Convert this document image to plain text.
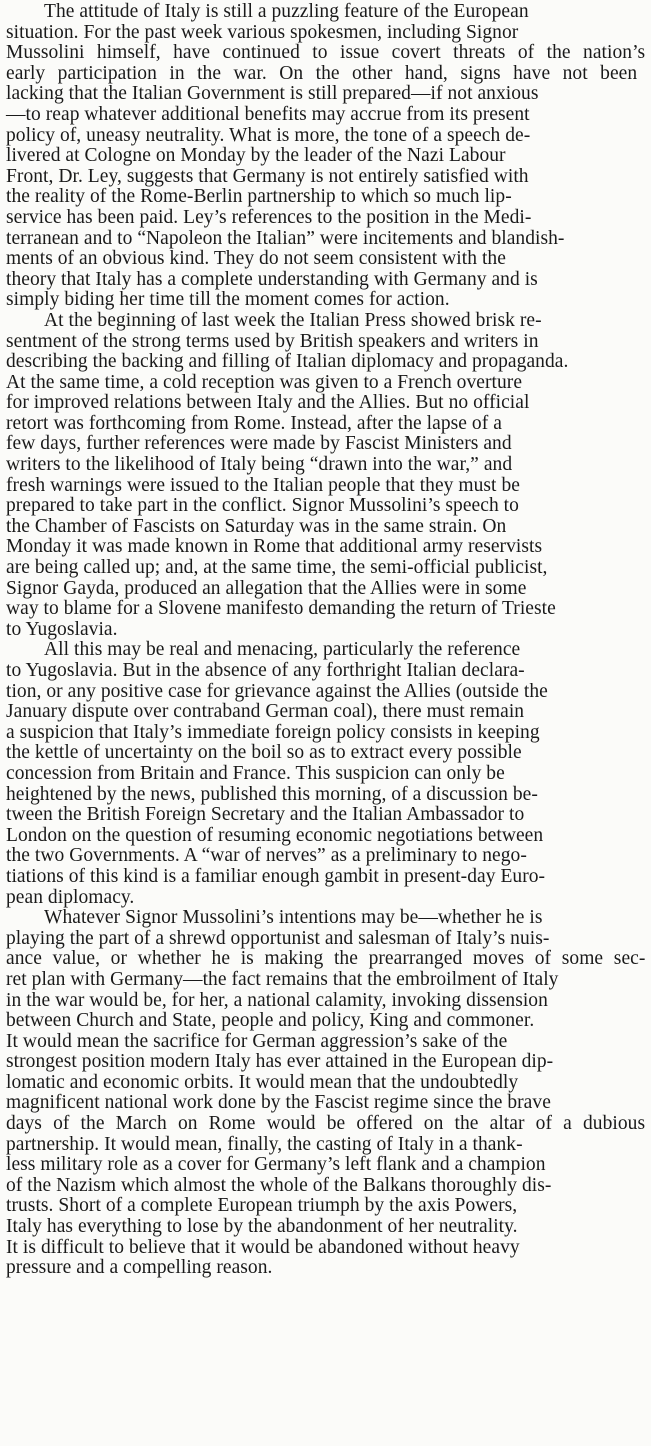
The attitude of Italy is still a puzzling feature of the European
situation. For the past week various spokesmen, including Signor
Mussolini himself, have continued to issue covert threats of the nation’s
early participation in the war. On the other hand, signs have not been
lacking that the Italian Government is still prepared—if not anxious
—to reap whatever additional benefits may accrue from its present
policy of, uneasy neutrality. What is more, the tone of a speech de-
livered at Cologne on Monday by the leader of the Nazi Labour
Front, Dr. Ley, suggests that Germany is not entirely satisfied with
the reality of the Rome-Berlin partnership to which so much lip-
service has been paid. Ley’s references to the position in the Medi-
terranean and to “Napoleon the Italian” were incitements and blandish-
ments of an obvious kind. They do not seem consistent with the
theory that Italy has a complete understanding with Germany and is
simply biding her time till the moment comes for action.
At the beginning of last week the Italian Press showed brisk re-
sentment of the strong terms used by British speakers and writers in
describing the backing and filling of Italian diplomacy and propaganda.
At the same time, a cold reception was given to a French overture
for improved relations between Italy and the Allies. But no official
retort was forthcoming from Rome. Instead, after the lapse of a
few days, further references were made by Fascist Ministers and
writers to the likelihood of Italy being “drawn into the war,” and
fresh warnings were issued to the Italian people that they must be
prepared to take part in the conflict. Signor Mussolini’s speech to
the Chamber of Fascists on Saturday was in the same strain. On
Monday it was made known in Rome that additional army reservists
are being called up; and, at the same time, the semi-official publicist,
Signor Gayda, produced an allegation that the Allies were in some
way to blame for a Slovene manifesto demanding the return of Trieste
to Yugoslavia.
All this may be real and menacing, particularly the reference
to Yugoslavia. But in the absence of any forthright Italian declara-
tion, or any positive case for grievance against the Allies (outside the
January dispute over contraband German coal), there must remain
a suspicion that Italy’s immediate foreign policy consists in keeping
the kettle of uncertainty on the boil so as to extract every possible
concession from Britain and France. This suspicion can only be
heightened by the news, published this morning, of a discussion be-
tween the British Foreign Secretary and the Italian Ambassador to
London on the question of resuming economic negotiations between
the two Governments. A “war of nerves” as a preliminary to nego-
tiations of this kind is a familiar enough gambit in present-day Euro-
pean diplomacy.
Whatever Signor Mussolini’s intentions may be—whether he is
playing the part of a shrewd opportunist and salesman of Italy’s nuis-
ance value, or whether he is making the prearranged moves of some sec-
ret plan with Germany—the fact remains that the embroilment of Italy
in the war would be, for her, a national calamity, invoking dissension
between Church and State, people and policy, King and commoner.
It would mean the sacrifice for German aggression’s sake of the
strongest position modern Italy has ever attained in the European dip-
lomatic and economic orbits. It would mean that the undoubtedly
magnificent national work done by the Fascist regime since the brave
days of the March on Rome would be offered on the altar of a dubious
partnership. It would mean, finally, the casting of Italy in a thank-
less military role as a cover for Germany’s left flank and a champion
of the Nazism which almost the whole of the Balkans thoroughly dis-
trusts. Short of a complete European triumph by the axis Powers,
Italy has everything to lose by the abandonment of her neutrality.
It is difficult to believe that it would be abandoned without heavy
pressure and a compelling reason.
